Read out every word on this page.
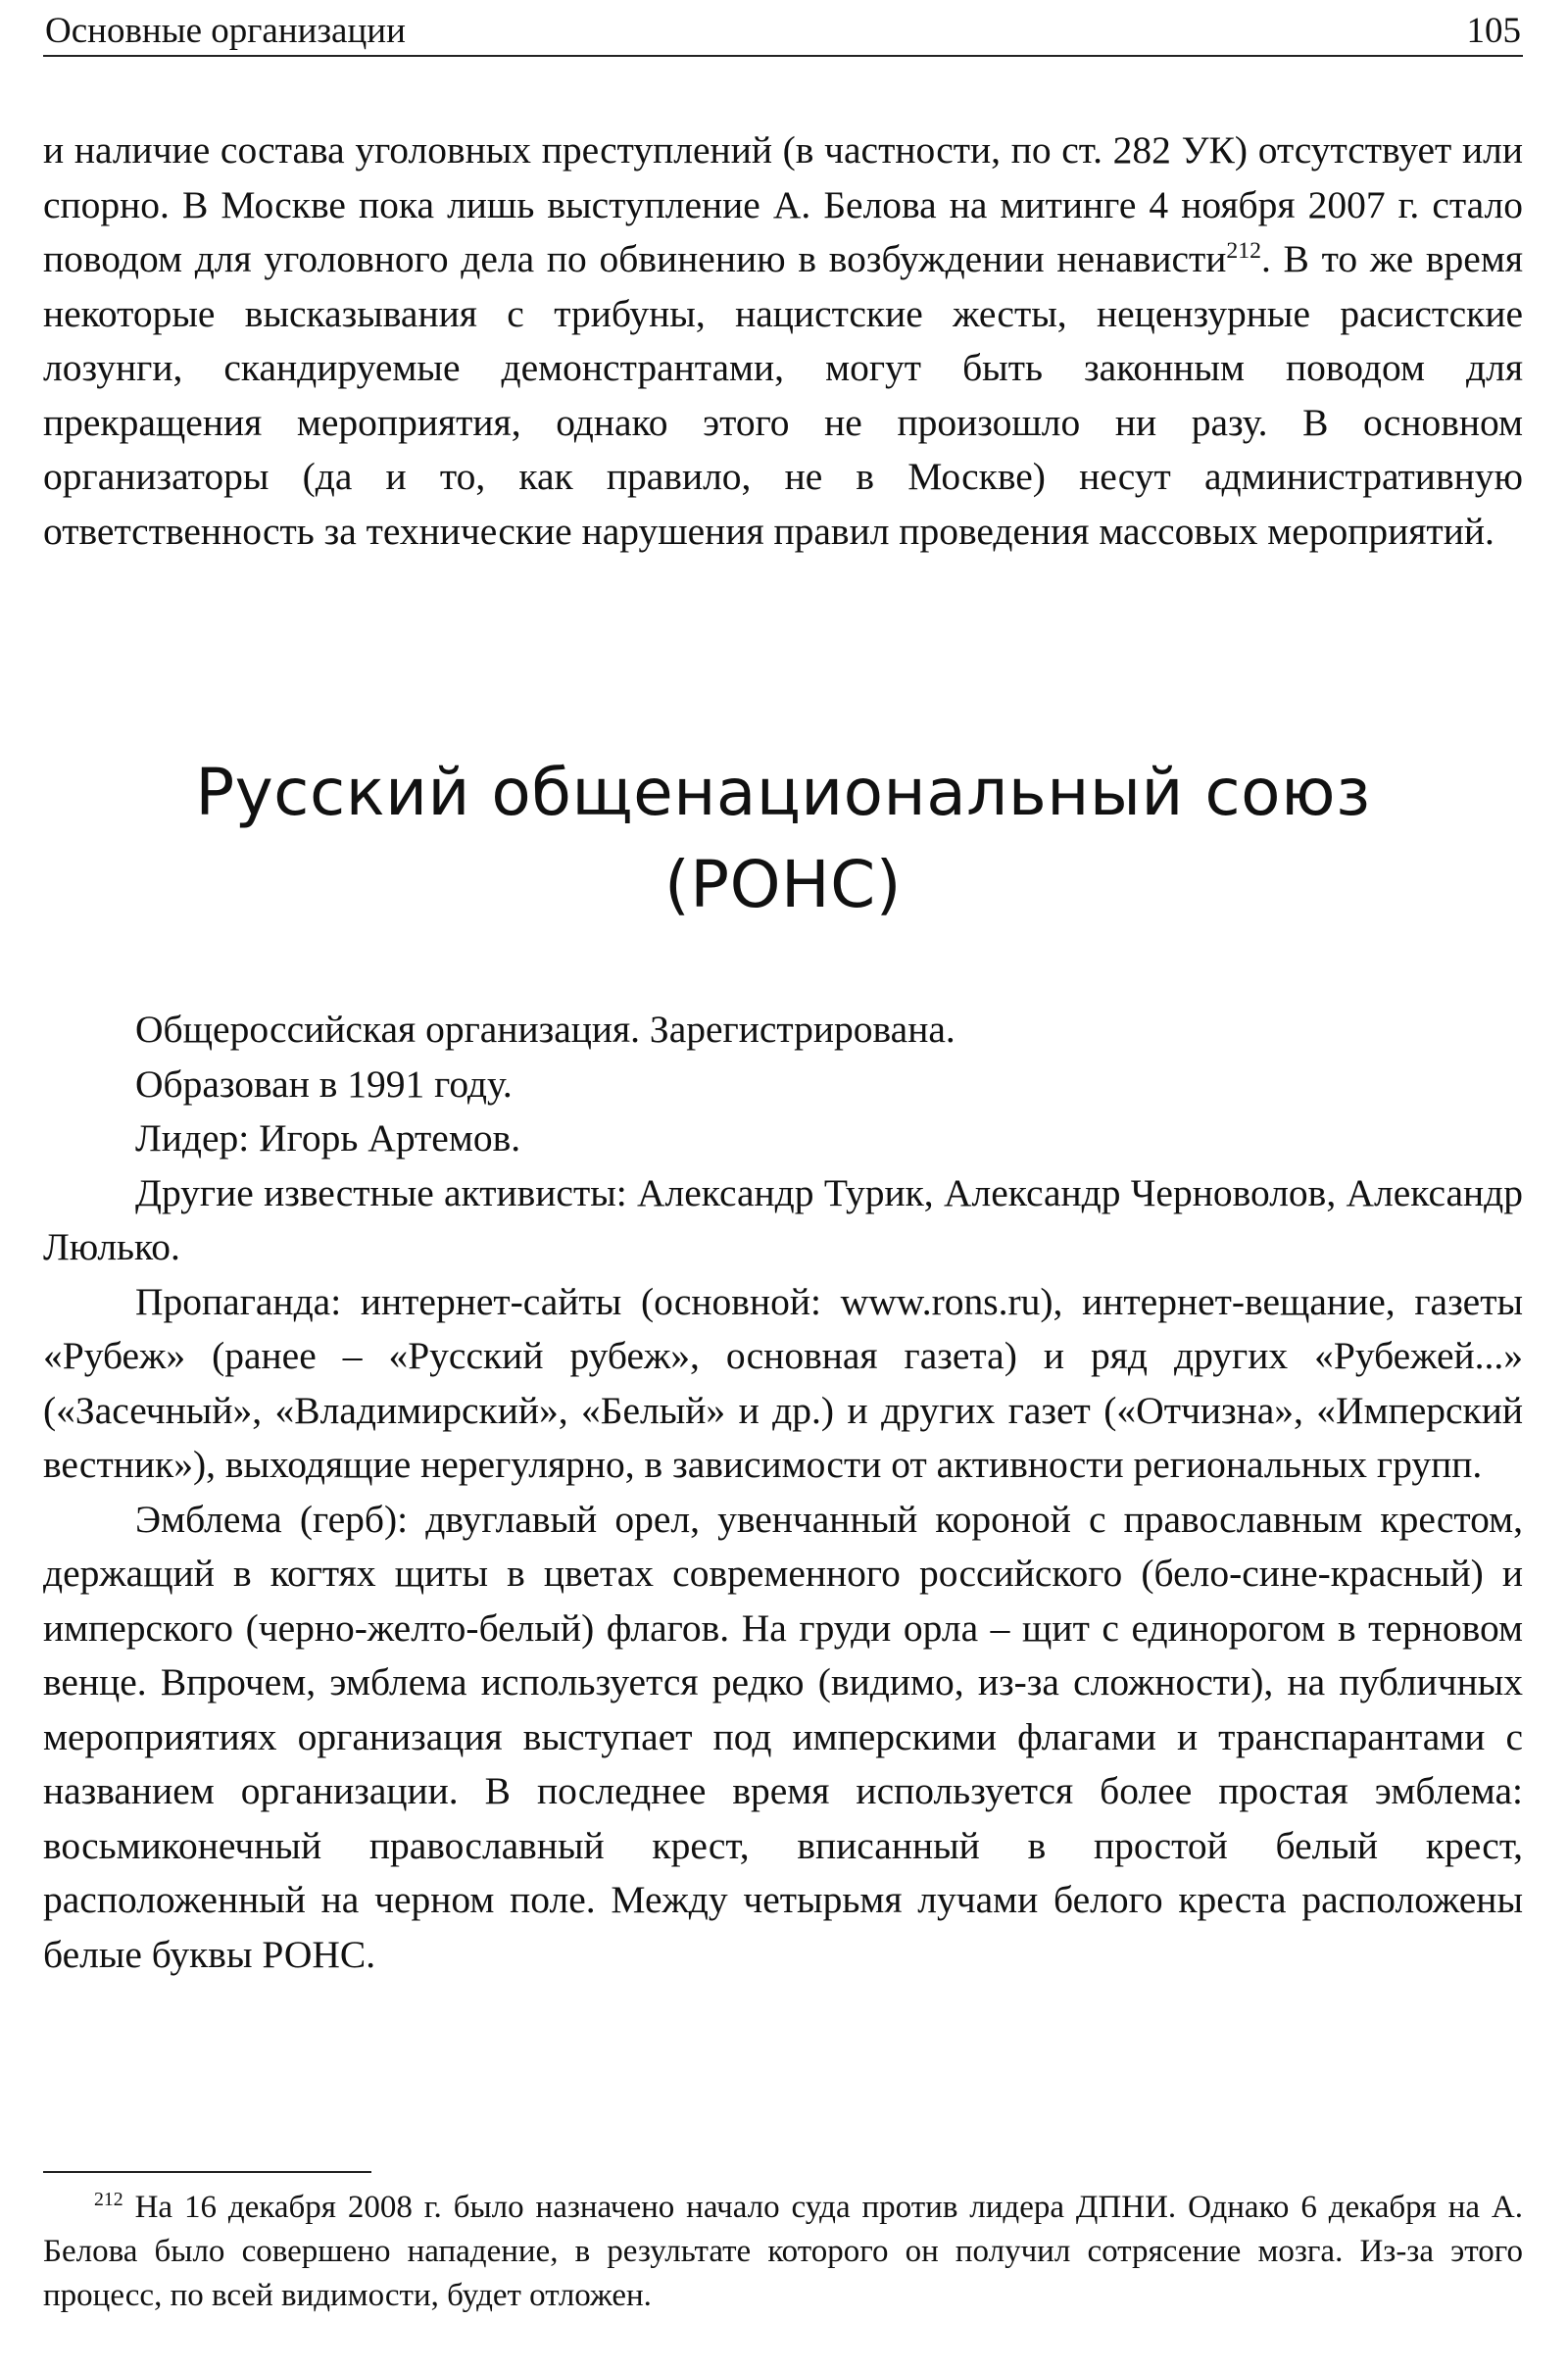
Основные организации	105

и наличие состава уголовных преступлений (в частности, по ст. 282 УК) отсутствует или спорно. В Москве пока лишь выступление А. Белова на митинге 4 ноября 2007 г. стало поводом для уголовного дела по обвинению в возбуждении ненависти$^{212}$. В то же время некоторые высказывания с трибуны, нацистские жесты, нецензурные расистские лозунги, скандируемые демонстрантами, могут быть законным поводом для прекращения мероприятия, однако этого не произошло ни разу. В основном организаторы (да и то, как правило, не в Москве) несут административную ответственность за технические нарушения правил проведения массовых мероприятий.

Русский общенациональный союз
(РОНС)

Общероссийская организация. Зарегистрирована.

Образован в 1991 году.

Лидер: Игорь Артемов.

Другие известные активисты: Александр Турик, Александр Черноволов, Александр Люлько.

Пропаганда: интернет-сайты (основной: www.rons.ru), интернет-вещание, газеты «Рубеж» (ранее – «Русский рубеж», основная газета) и ряд других «Рубежей...» («Засечный», «Владимирский», «Белый» и др.) и других газет («Отчизна», «Имперский вестник»), выходящие нерегулярно, в зависимости от активности региональных групп.

Эмблема (герб): двуглавый орел, увенчанный короной с православным крестом, держащий в когтях щиты в цветах современного российского (бело-сине-красный) и имперского (черно-желто-белый) флагов. На груди орла – щит с единорогом в терновом венце. Впрочем, эмблема используется редко (видимо, из-за сложности), на публичных мероприятиях организация выступает под имперскими флагами и транспарантами с названием организации. В последнее время используется более простая эмблема: восьмиконечный православный крест, вписанный в простой белый крест, расположенный на черном поле. Между четырьмя лучами белого креста расположены белые буквы РОНС.

$^{212}$ На 16 декабря 2008 г. было назначено начало суда против лидера ДПНИ. Однако 6 декабря на А. Белова было совершено нападение, в результате которого он получил сотрясение мозга. Из-за этого процесс, по всей видимости, будет отложен.
